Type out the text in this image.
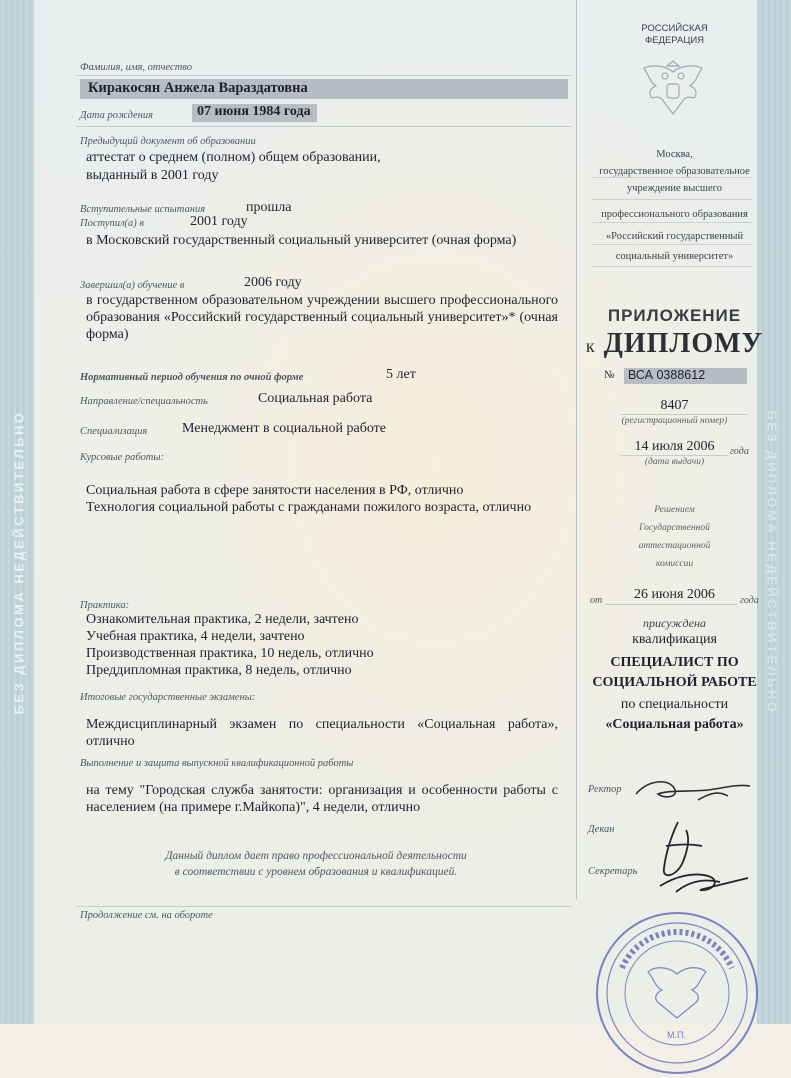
БЕЗ ДИПЛОМА НЕДЕЙСТВИТЕЛЬНО	БЕЗ ДИПЛОМА НЕДЕЙСТВИТЕЛЬНО
Фамилия, имя, отчество
Киракосян Анжела Вараздатовна
Дата рождения	07 июня 1984 года
Предыдущий документ об образовании
аттестат о среднем (полном) общем образовании,
выданный в 2001 году
Вступительные испытания	прошла
Поступил(а) в	2001 году
в Московский государственный социальный университет (очная форма)
Завершил(а) обучение в	2006 году
в государственном образовательном учреждении высшего профессионального образования «Российский государственный социальный университет»* (очная форма)
Нормативный период обучения по очной форме	5 лет
Направление/специальность	Социальная работа
Специализация Менеджмент в социальной работе
Курсовые работы:
Социальная работа в сфере занятости населения в РФ, отлично
Технология социальной работы с гражданами пожилого возраста, отлично
Практика:
Ознакомительная практика, 2 недели, зачтено
Учебная практика, 4 недели, зачтено
Производственная практика, 10 недель, отлично
Преддипломная практика, 8 недель, отлично
Итоговые государственные экзамены:
Междисциплинарный экзамен по специальности «Социальная работа», отлично
Выполнение и защита выпускной квалификационной работы
на тему "Городская служба занятости: организация и особенности работы с населением (на примере г.Майкопа)", 4 недели, отлично
Данный диплом дает право профессиональной деятельности
в соответствии с уровнем образования и квалификацией.
Продолжение см. на обороте
РОССИЙСКАЯ
ФЕДЕРАЦИЯ
Москва,
государственное образовательное
учреждение высшего
профессионального образования
«Российский государственный
социальный университет»
ПРИЛОЖЕНИЕ
к ДИПЛОМУ
№ ВСА 0388612
8407
(регистрационный номер)
14 июля 2006	года
(дата выдачи)
Решением
Государственной
аттестационной
комиссии
от	26 июня 2006	года
присуждена
квалификация
СПЕЦИАЛИСТ ПО
СОЦИАЛЬНОЙ РАБОТЕ
по специальности
«Социальная работа»
Ректор
Декан
Секретарь
М.П.
